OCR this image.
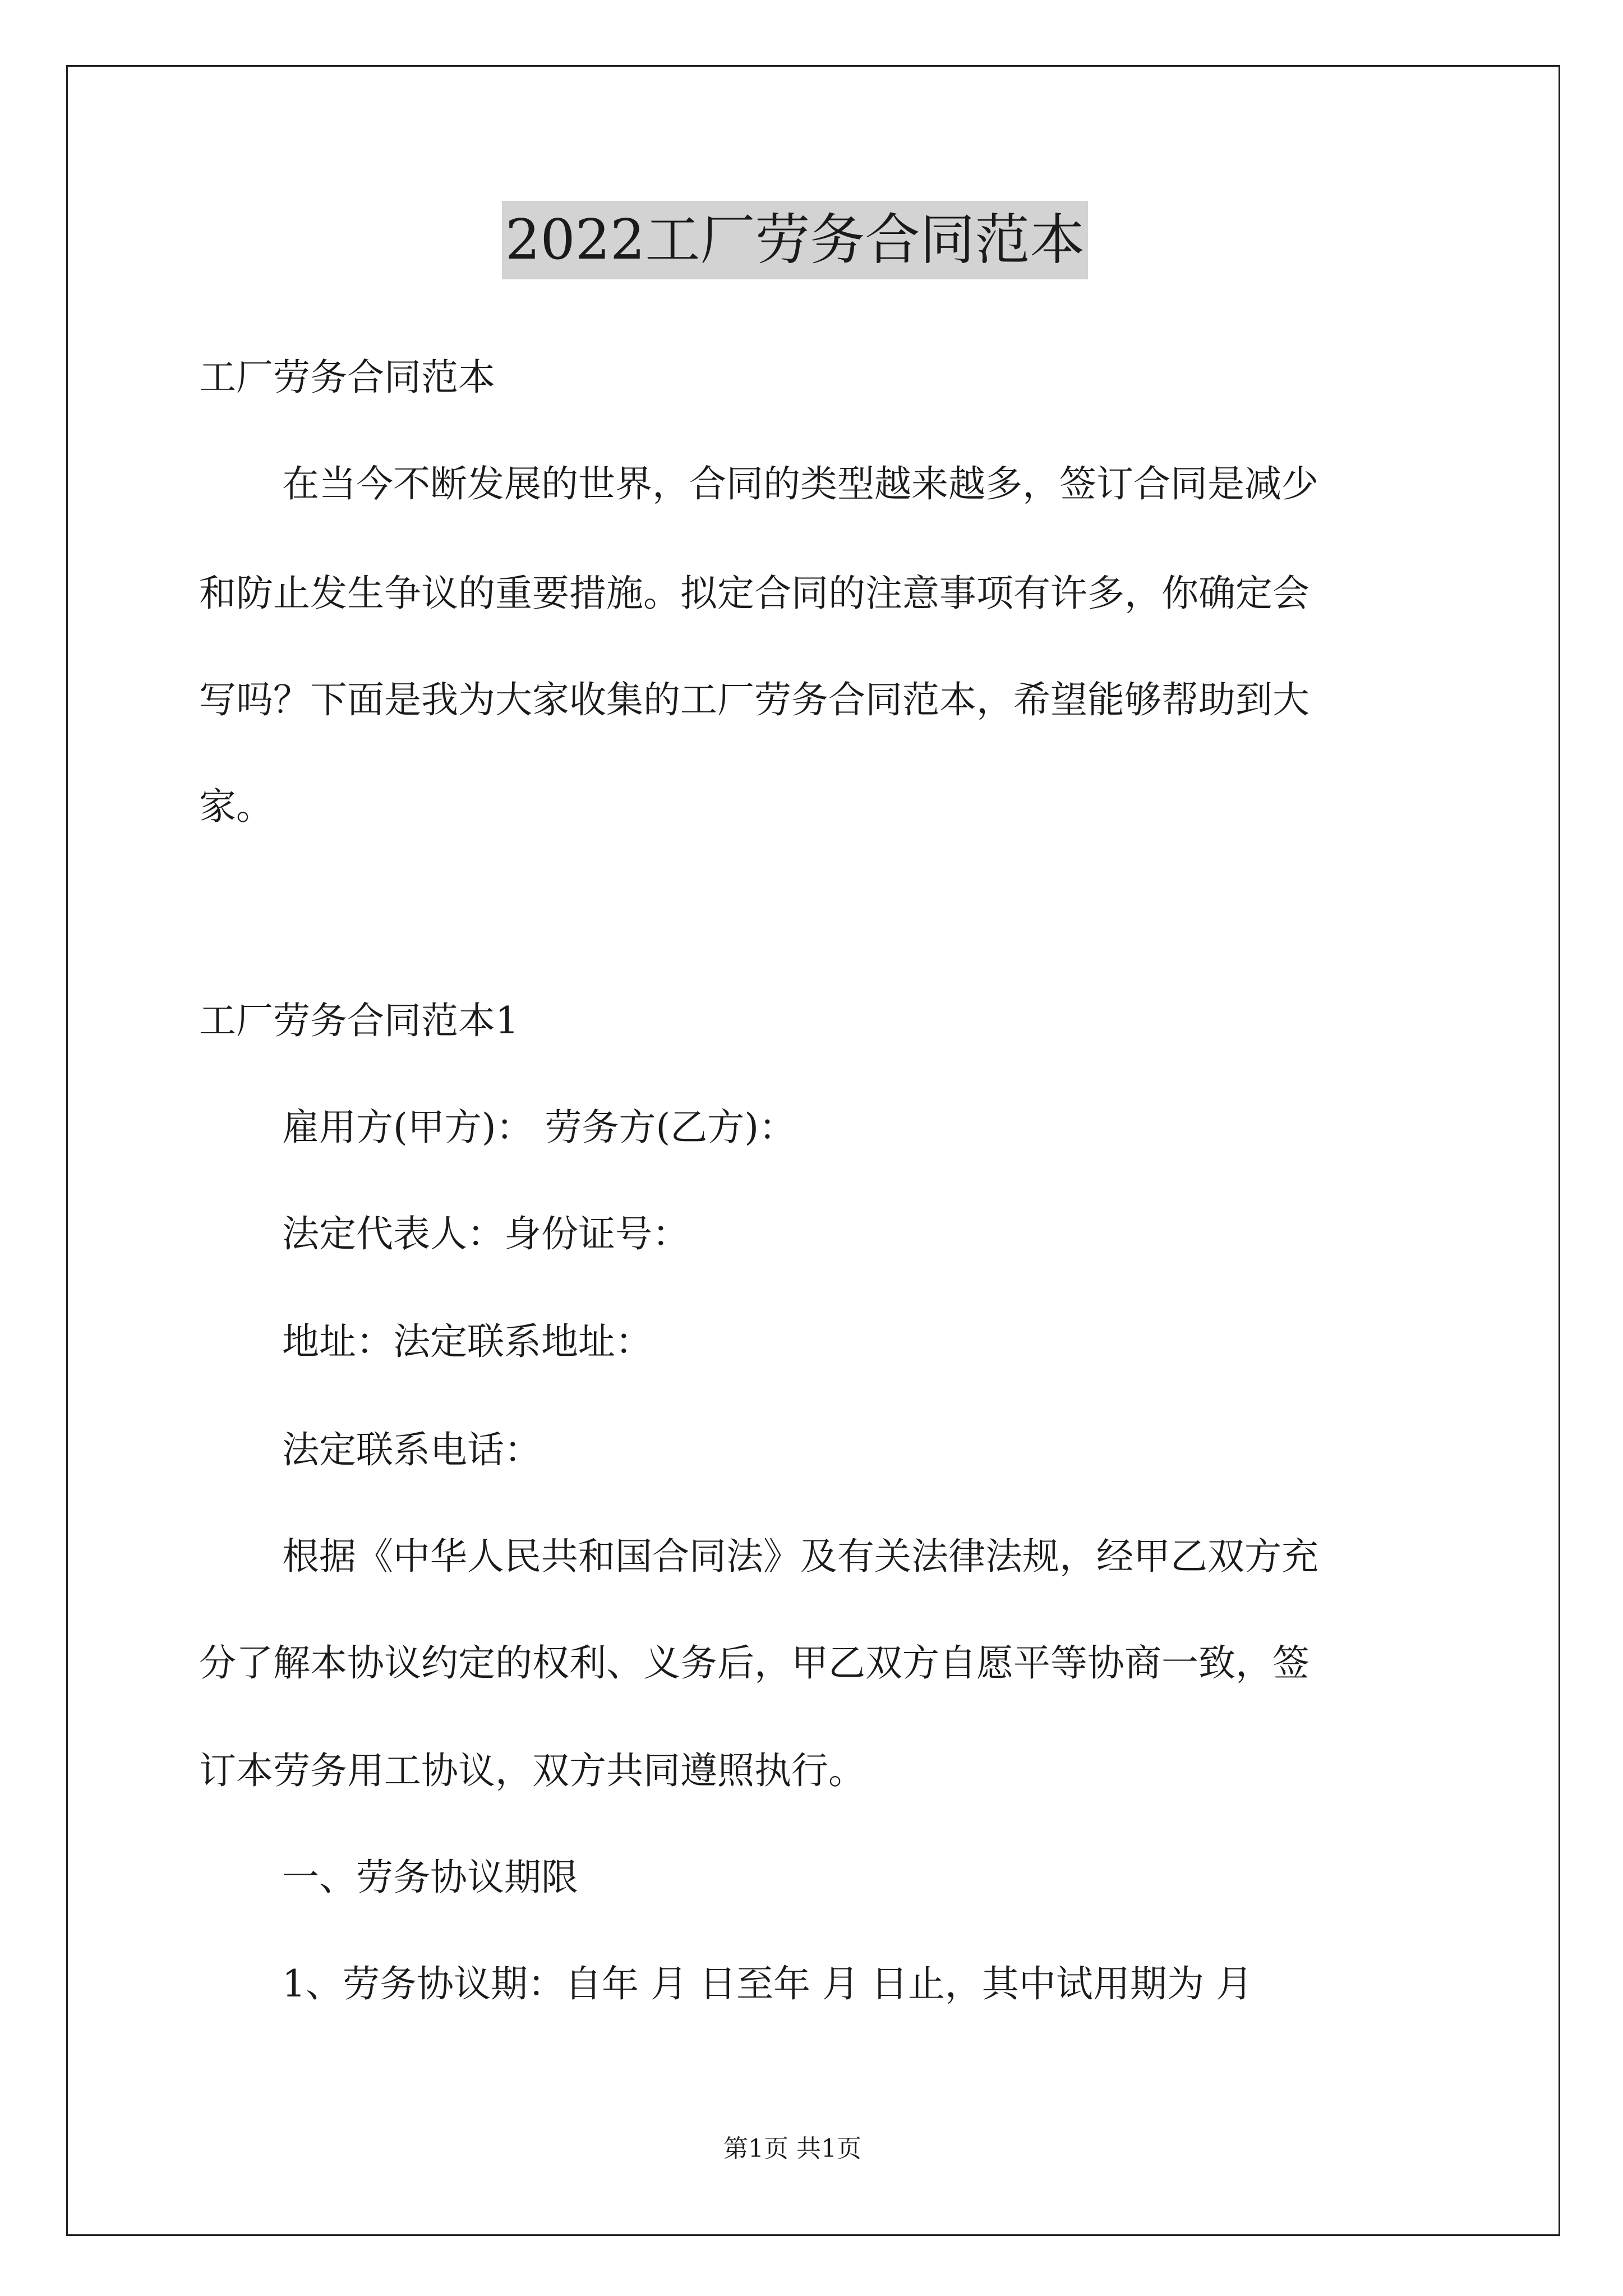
2022工厂劳务合同范本
工厂劳务合同范本
在当今不断发展的世界，合同的类型越来越多，签订合同是减少
和防止发生争议的重要措施。拟定合同的注意事项有许多，你确定会
写吗？下面是我为大家收集的工厂劳务合同范本，希望能够帮助到大
家。
工厂劳务合同范本1
雇用方(甲方)： 劳务方(乙方)：
法定代表人：身份证号：
地址：法定联系地址：
法定联系电话：
根据《中华人民共和国合同法》及有关法律法规，经甲乙双方充
分了解本协议约定的权利、义务后，甲乙双方自愿平等协商一致，签
订本劳务用工协议，双方共同遵照执行。
一、劳务协议期限
1、劳务协议期：自年 月 日至年 月 日止，其中试用期为 月
第1页 共1页
